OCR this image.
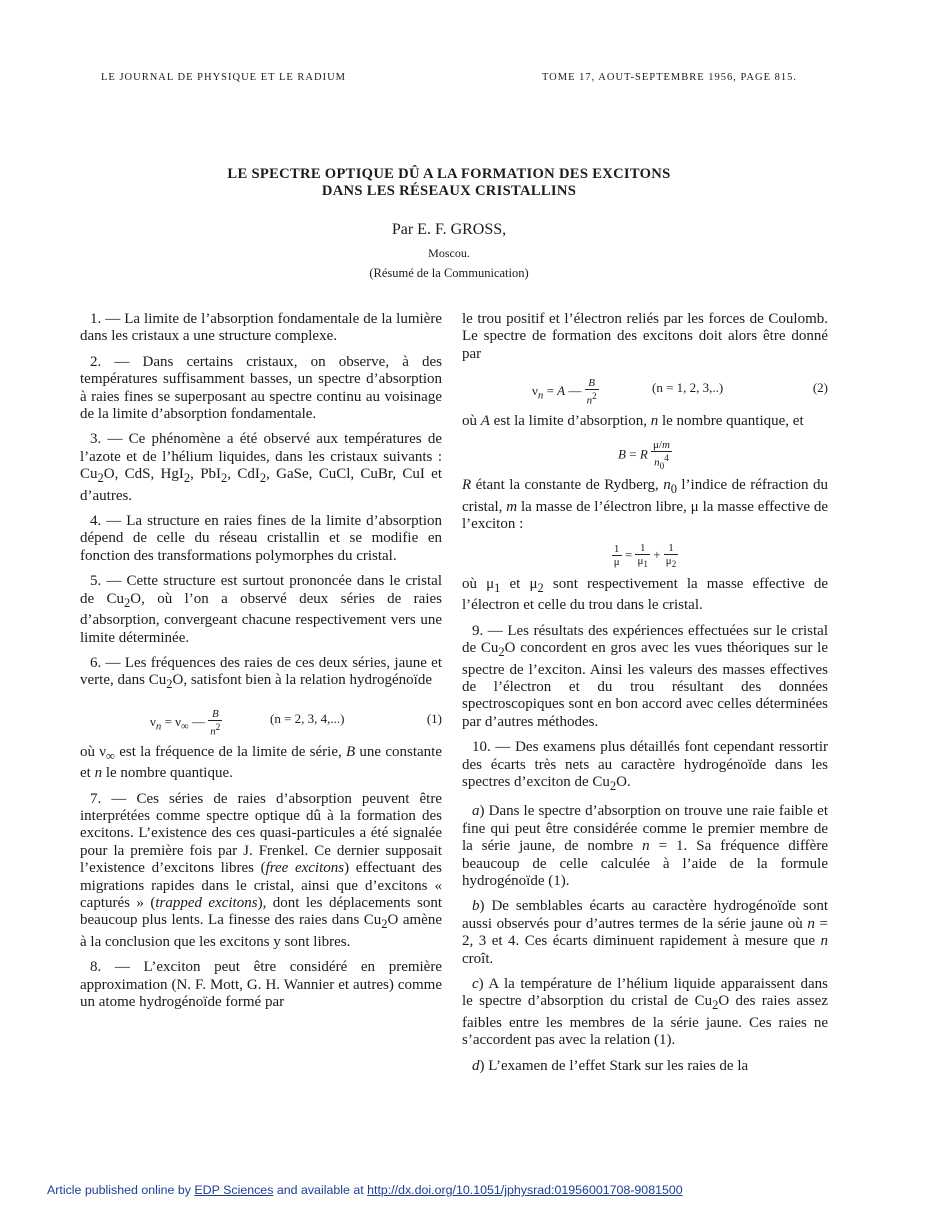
LE JOURNAL DE PHYSIQUE ET LE RADIUM	TOME 17, AOUT-SEPTEMBRE 1956, PAGE 815.
LE SPECTRE OPTIQUE DÛ A LA FORMATION DES EXCITONS
DANS LES RÉSEAUX CRISTALLINS
Par E. F. GROSS,
Moscou.
(Résumé de la Communication)

1. — La limite de l’absorption fondamentale de la lumière dans les cristaux a une structure complexe.

2. — Dans certains cristaux, on observe, à des températures suffisamment basses, un spectre d’absorption à raies fines se superposant au spectre continu au voisinage de la limite d’absorption fondamentale.

3. — Ce phénomène a été observé aux températures de l’azote et de l’hélium liquides, dans les cristaux suivants : $Cu_2O$, CdS, HgI$_2$, PbI$_2$, CdI$_2$, GaSe, CuCl, CuBr, CuI et d’autres.

4. — La structure en raies fines de la limite d’absorption dépend de celle du réseau cristallin et se modifie en fonction des transformations polymorphes du cristal.

5. — Cette structure est surtout prononcée dans le cristal de $Cu_2O$, où l’on a observé deux séries de raies d’absorption, convergeant chacune respectivement vers une limite déterminée.

6. — Les fréquences des raies de ces deux séries, jaune et verte, dans $Cu_2O$, satisfont bien à la relation hydrogénoïde

$\nu_n = \nu_\infty$ — $\frac{B}{n^2}$	(n = 2, 3, 4,...)	(1)

où $\nu_\infty$ est la fréquence de la limite de série, B une constante et n le nombre quantique.

7. — Ces séries de raies d’absorption peuvent être interprétées comme spectre optique dû à la formation des excitons. L’existence des ces quasi-particules a été signalée pour la première fois par J. Frenkel. Ce dernier supposait l’existence d’excitons libres (free excitons) effectuant des migrations rapides dans le cristal, ainsi que d’excitons « capturés » (trapped excitons), dont les déplacements sont beaucoup plus lents. La finesse des raies dans $Cu_2O$ amène à la conclusion que les excitons y sont libres.

8. — L’exciton peut être considéré en première approximation (N. F. Mott, G. H. Wannier et autres) comme un atome hydrogénoïde formé par

le trou positif et l’électron reliés par les forces de Coulomb. Le spectre de formation des excitons doit alors être donné par

$\nu_n = A$ — $\frac{B}{n^2}$	(n = 1, 2, 3,..)	(2)

où A est la limite d’absorption, n le nombre quantique, et

B = R $\frac{\mu/m}{n_0^4}$

R étant la constante de Rydberg, $n_0$ l’indice de réfraction du cristal, m la masse de l’électron libre, μ la masse effective de l’exciton :

$\frac{1}{\mu} = \frac{1}{\mu_1} + \frac{1}{\mu_2}$

où $\mu_1$ et $\mu_2$ sont respectivement la masse effective de l’électron et celle du trou dans le cristal.

9. — Les résultats des expériences effectuées sur le cristal de $Cu_2O$ concordent en gros avec les vues théoriques sur le spectre de l’exciton. Ainsi les valeurs des masses effectives de l’électron et du trou résultant des données spectroscopiques sont en bon accord avec celles déterminées par d’autres méthodes.

10. — Des examens plus détaillés font cependant ressortir des écarts très nets au caractère hydrogénoïde dans les spectres d’exciton de $Cu_2O$.

a) Dans le spectre d’absorption on trouve une raie faible et fine qui peut être considérée comme le premier membre de la série jaune, de nombre n = 1. Sa fréquence diffère beaucoup de celle calculée à l’aide de la formule hydrogénoïde (1).

b) De semblables écarts au caractère hydrogénoïde sont aussi observés pour d’autres termes de la série jaune où n = 2, 3 et 4. Ces écarts diminuent rapidement à mesure que n croît.

c) A la température de l’hélium liquide apparaissent dans le spectre d’absorption du cristal de $Cu_2O$ des raies assez faibles entre les membres de la série jaune. Ces raies ne s’accordent pas avec la relation (1).

d) L’examen de l’effet Stark sur les raies de la

Article published online by EDP Sciences and available at http://dx.doi.org/10.1051/jphysrad:01956001708-9081500
